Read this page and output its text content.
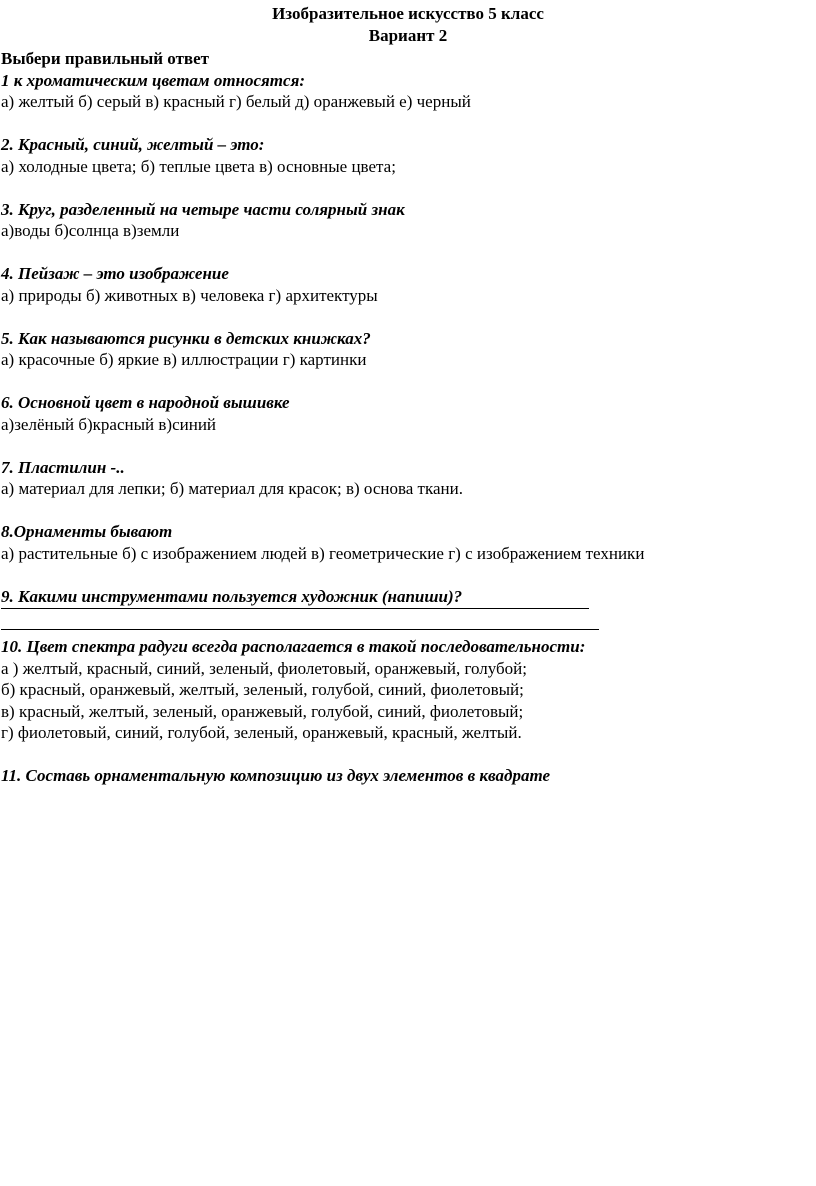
Изобразительное искусство 5 класс
Вариант 2
Выбери правильный ответ
1 к хроматическим цветам относятся:
а) желтый б) серый в) красный г) белый д) оранжевый е) черный
2. Красный, синий, желтый – это:
а) холодные цвета; б) теплые цвета в) основные цвета;
3. Круг, разделенный на четыре части солярный знак
а)воды б)солнца в)земли
4. Пейзаж – это изображение
а) природы б) животных в) человека г) архитектуры
5. Как называются рисунки в детских книжках?
а) красочные б) яркие в) иллюстрации г) картинки
6. Основной цвет в народной вышивке
а)зелёный б)красный в)синий
7. Пластилин -..
а) материал для лепки; б) материал для красок; в) основа ткани.
8.Орнаменты бывают
а) растительные б) с изображением людей в) геометрические г) с изображением техники
9. Какими инструментами пользуется художник (напиши)?
10. Цвет спектра радуги всегда располагается в такой последовательности:
а ) желтый, красный, синий, зеленый, фиолетовый, оранжевый, голубой;
б) красный, оранжевый, желтый, зеленый, голубой, синий, фиолетовый;
в) красный, желтый, зеленый, оранжевый, голубой, синий, фиолетовый;
г) фиолетовый, синий, голубой, зеленый, оранжевый, красный, желтый.
11. Составь орнаментальную композицию из двух элементов в квадрате
